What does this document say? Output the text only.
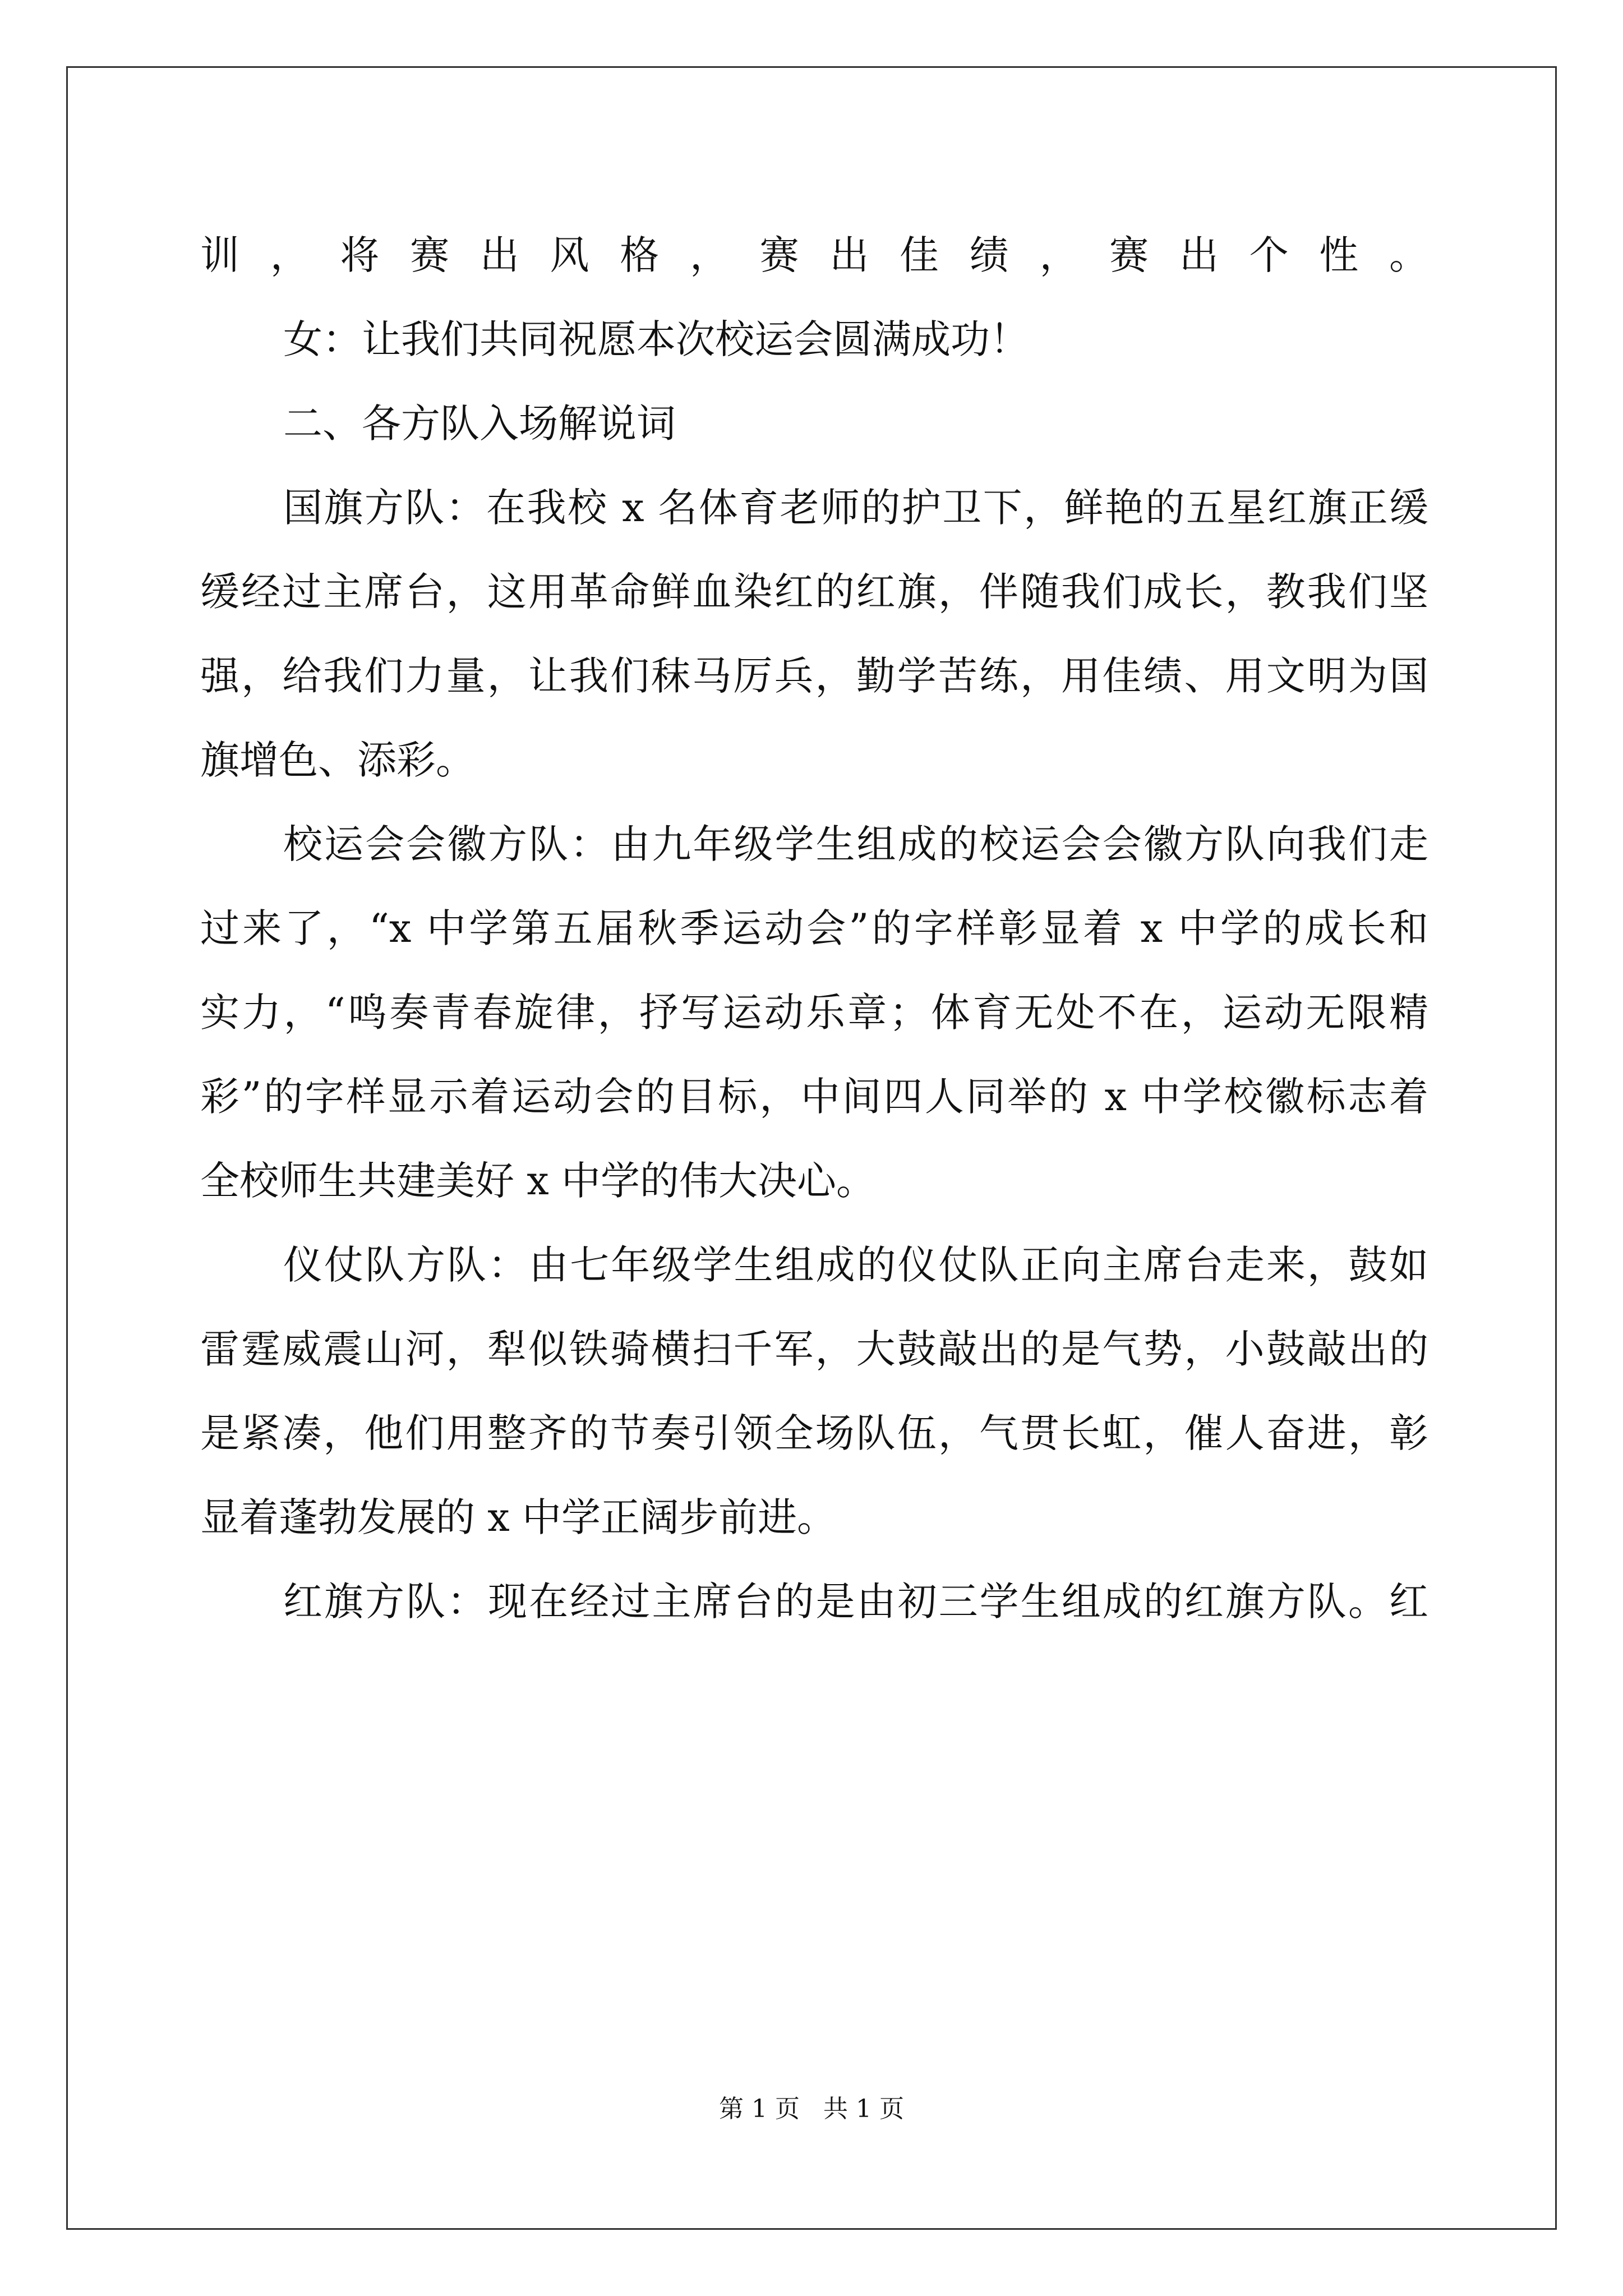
训，将赛出风格，赛出佳绩，赛出个性。
女：让我们共同祝愿本次校运会圆满成功！
二、各方队入场解说词
国旗方队：在我校 x 名体育老师的护卫下，鲜艳的五星红旗正缓
缓经过主席台，这用革命鲜血染红的红旗，伴随我们成长，教我们坚
强，给我们力量，让我们秣马厉兵，勤学苦练，用佳绩、用文明为国
旗增色、添彩。
校运会会徽方队：由九年级学生组成的校运会会徽方队向我们走
过来了，“x 中学第五届秋季运动会”的字样彰显着 x 中学的成长和
实力，“鸣奏青春旋律，抒写运动乐章；体育无处不在，运动无限精
彩”的字样显示着运动会的目标，中间四人同举的 x 中学校徽标志着
全校师生共建美好 x 中学的伟大决心。
仪仗队方队：由七年级学生组成的仪仗队正向主席台走来，鼓如
雷霆威震山河，犁似铁骑横扫千军，大鼓敲出的是气势，小鼓敲出的
是紧凑，他们用整齐的节奏引领全场队伍，气贯长虹，催人奋进，彰
显着蓬勃发展的 x 中学正阔步前进。
红旗方队：现在经过主席台的是由初三学生组成的红旗方队。红
第 1 页   共 1 页
